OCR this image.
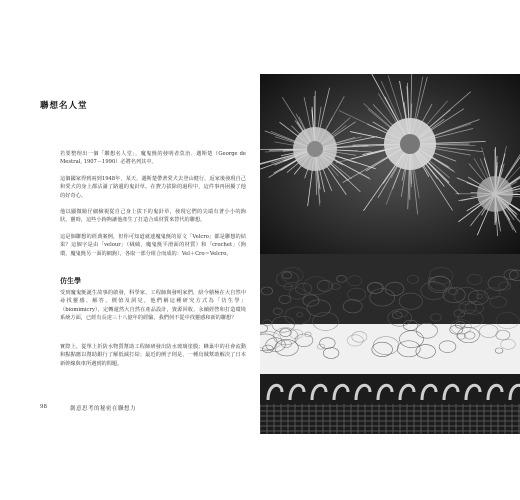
聯想名人堂
若要整理出一個「聯想名人堂」，魔鬼氈的發明者莫治．邁斯楚（George de Mestral, 1907－1990）必將名列其中。
這個國家得到兩到1948年，某天，邁斯楚帶著愛犬去登山健行，返家後發現自己和愛犬的身上都沾滿了路邊的鬼針草。在費力拔除的過程中，這件事再困擾了他的好奇心。
他以顯微鏡仔細檢視從自己身上拔下的鬼針草，發現它們的尖端有著小小的鉤狀，靈時，這些小鉤夠讓他產生了打造合成材質來替代的聯想。
這是個聯想的經典案例，但你可知道就連魔鬼氈的原文「Velcro」都是聯想的結果？這個字是由「velour」（絨絨，魔鬼氈平滑面的材質）和「crochet」（鉤環，魔鬼氈另一面的網鉤），各取一部分組合而成的：Vel＋Cro＝Velcro。
仿生學
受到魔鬼氈誕生故事的啟發，科學家、工程師與發明家們，紛今積極在大自然中尋找靈感、解答，價值及洞見，他們稱這種研究方式為「仿生學」（biomimicry），定轉還然大自然在產品設計，資源回收、永續經營和打造環境系統方面，已經有長達三十八億年的經驗，我們何不從中找靈感和新的聯想？
實際上，從單上折防水物質幫助工程師研發出防水玻璃塗膜；蜂巢中的社會流動和點點應以幫助銀行了解低減打結；最近的例子則是，一種烏賊幫助解決了日本新幹線與車所遇到的問題。
98	創意思考的秘密在聯想力
